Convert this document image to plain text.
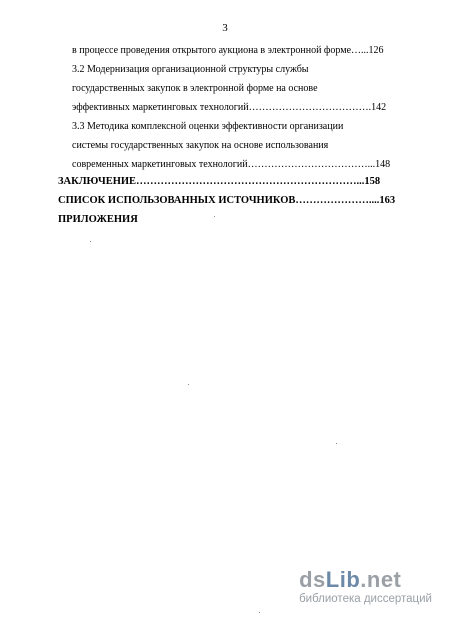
3
в процессе проведения открытого аукциона в электронной форме…...126
3.2 Модернизация организационной структуры службы
государственных закупок в электронной форме на основе
эффективных маркетинговых технологий……………………………….142
3.3 Методика комплексной оценки эффективности организации
системы государственных закупок на основе использования
современных маркетинговых технологий………………………………...148
ЗАКЛЮЧЕНИЕ………………………………………………………...158
СПИСОК ИСПОЛЬЗОВАННЫХ ИСТОЧНИКОВ…………………....163
ПРИЛОЖЕНИЯ
dsLib.net
библиотека диссертаций
